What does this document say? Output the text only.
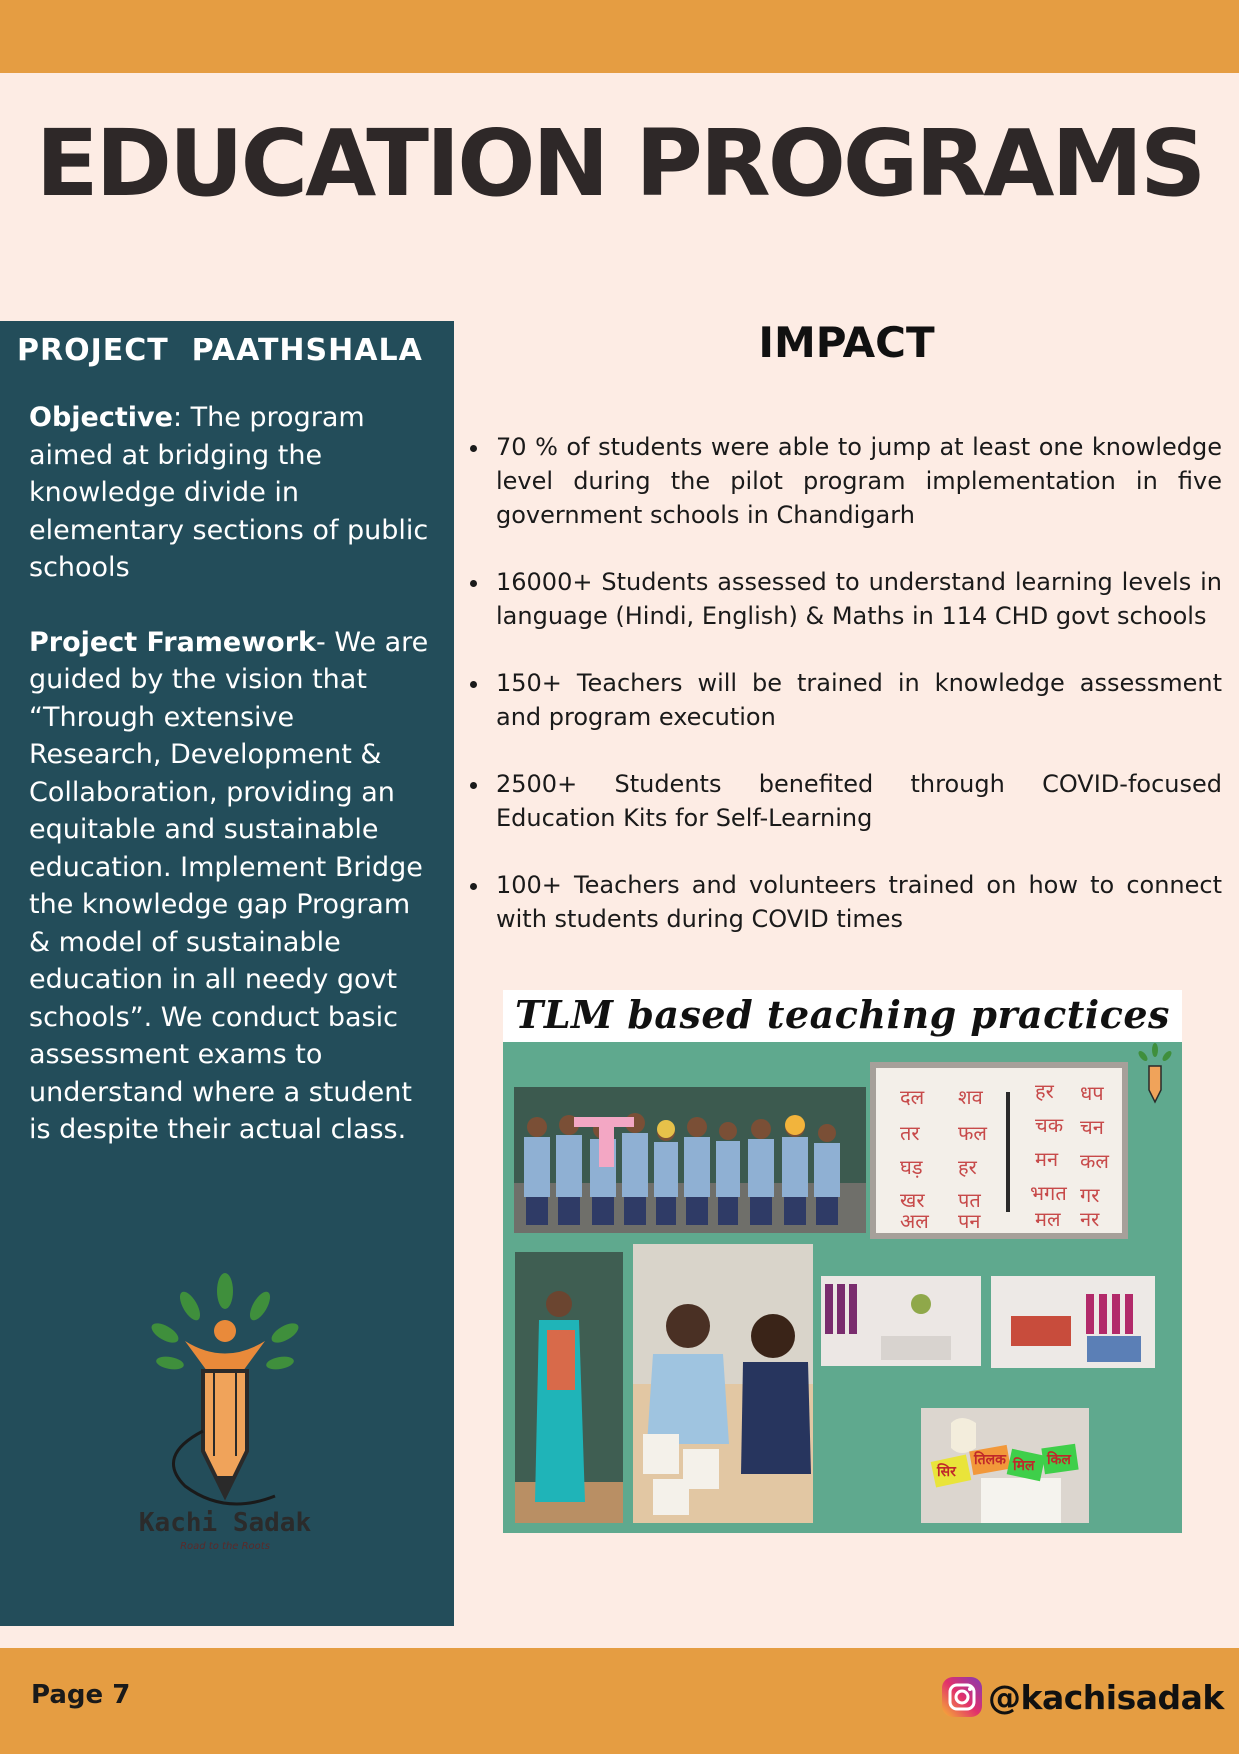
EDUCATION PROGRAMS
PROJECT  PAATHSHALA

Objective: The program aimed at bridging the knowledge divide in elementary sections of public schools

Project Framework- We are guided by the vision that “Through extensive Research, Development & Collaboration, providing an equitable and sustainable education. Implement Bridge the knowledge gap Program & model of sustainable education in all needy govt schools”. We conduct basic assessment exams to understand where a student is despite their actual class.

Kachi Sadak
Road to the Roots
IMPACT
70 % of students were able to jump at least one knowledge level during the pilot program implementation in five government schools in Chandigarh
16000+ Students assessed to understand learning levels in language (Hindi, English) & Maths in 114 CHD govt schools
150+ Teachers will be trained in knowledge assessment and program execution
2500+ Students benefited through COVID-focused Education Kits for Self-Learning
100+ Teachers and volunteers trained on how to connect with students during COVID times
TLM based teaching practices
दल शव	हर धप
तर फल चक चन
घड़ हर	मन कल
खर पत भगत गर
अल पन	मल नर
सिर
तिलक मिल किल
Page 7	@kachisadak
